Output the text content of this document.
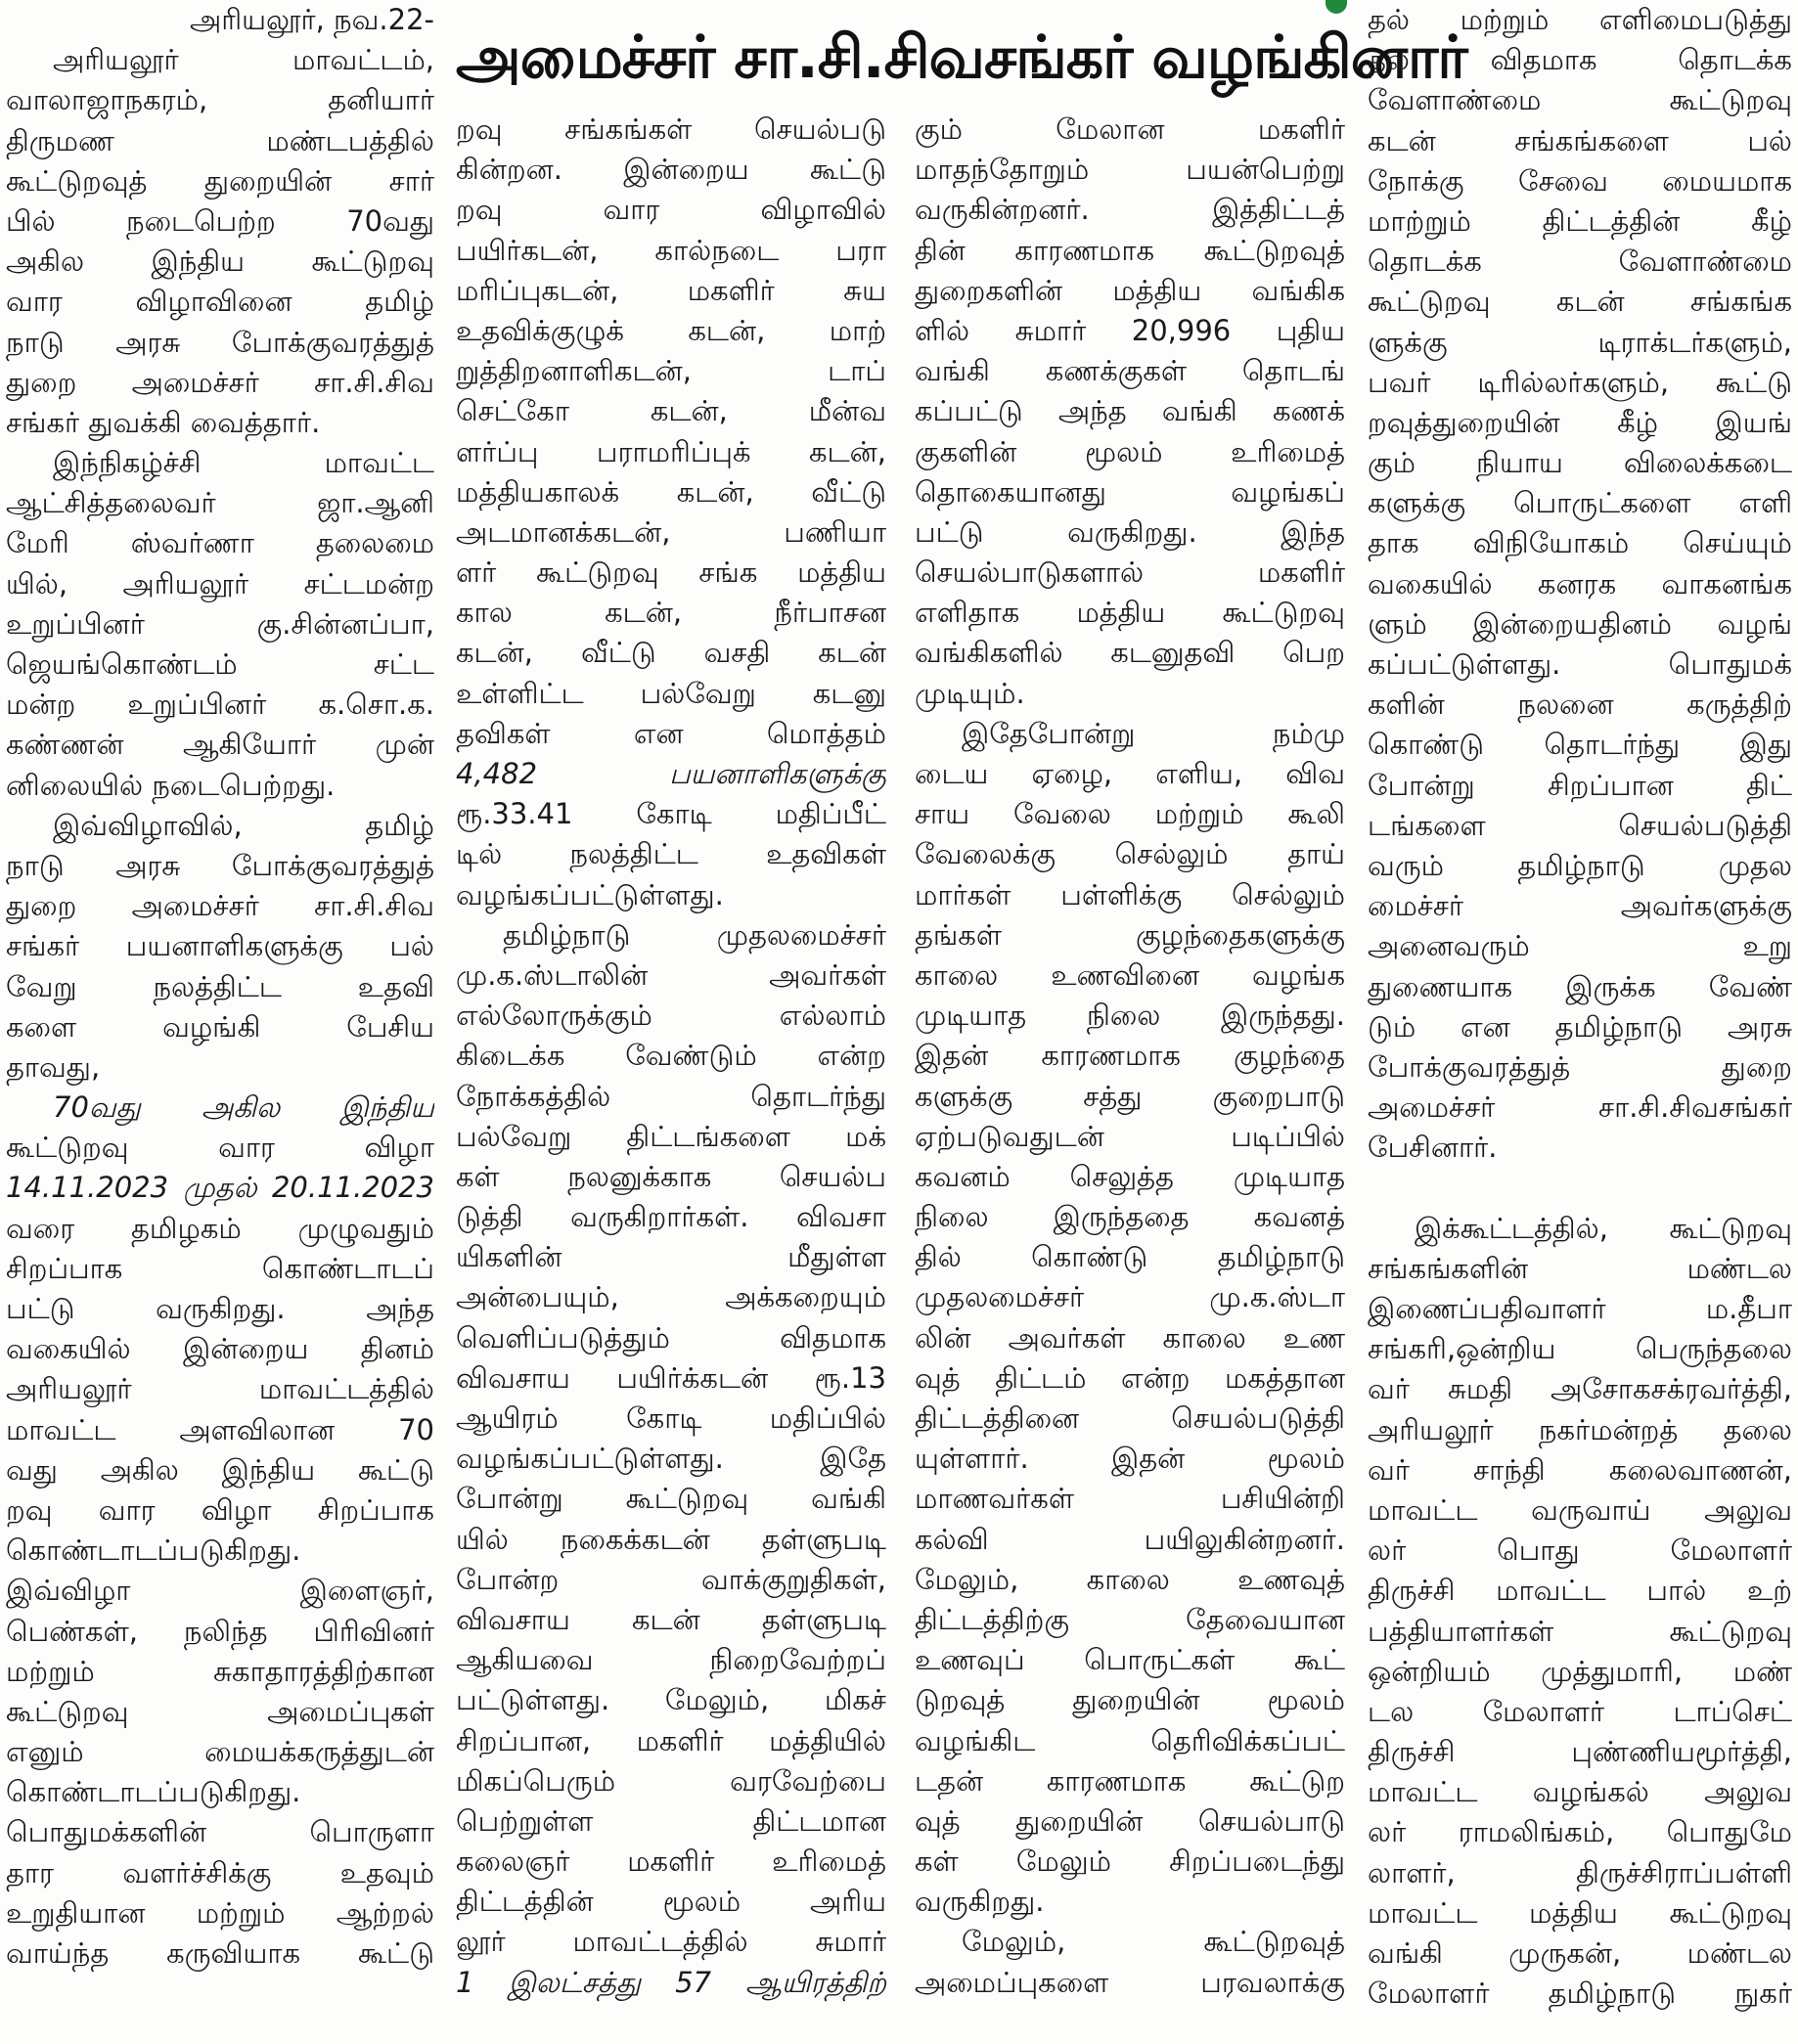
அமைச்சர் சா.சி.சிவசங்கர் வழங்கினார்
அரியலூர், நவ.22-
அரியலூர் மாவட்டம்,
வாலாஜாநகரம், தனியார்
திருமண மண்டபத்தில்
கூட்டுறவுத் துறையின் சார்
பில் நடைபெற்ற 70வது
அகில இந்திய கூட்டுறவு
வார விழாவினை தமிழ்
நாடு அரசு போக்குவரத்துத்
துறை அமைச்சர் சா.சி.சிவ
சங்கர் துவக்கி வைத்தார்.
இந்நிகழ்ச்சி மாவட்ட
ஆட்சித்தலைவர் ஜா.ஆனி
மேரி ஸ்வர்ணா தலைமை
யில், அரியலூர் சட்டமன்ற
உறுப்பினர் கு.சின்னப்பா,
ஜெயங்கொண்டம் சட்ட
மன்ற உறுப்பினர் க.சொ.க.
கண்ணன் ஆகியோர் முன்
னிலையில் நடைபெற்றது.
இவ்விழாவில், தமிழ்
நாடு அரசு போக்குவரத்துத்
துறை அமைச்சர் சா.சி.சிவ
சங்கர் பயனாளிகளுக்கு பல்
வேறு நலத்திட்ட உதவி
களை வழங்கி பேசிய
தாவது,
70வது அகில இந்திய
கூட்டுறவு வார விழா
14.11.2023 முதல் 20.11.2023
வரை தமிழகம் முழுவதும்
சிறப்பாக கொண்டாடப்
பட்டு வருகிறது. அந்த
வகையில் இன்றைய தினம்
அரியலூர் மாவட்டத்தில்
மாவட்ட அளவிலான 70
வது அகில இந்திய கூட்டு
றவு வார விழா சிறப்பாக
கொண்டாடப்படுகிறது.
இவ்விழா இளைஞர்,
பெண்கள், நலிந்த பிரிவினர்
மற்றும் சுகாதாரத்திற்கான
கூட்டுறவு அமைப்புகள்
எனும் மையக்கருத்துடன்
கொண்டாடப்படுகிறது.
பொதுமக்களின் பொருளா
தார வளர்ச்சிக்கு உதவும்
உறுதியான மற்றும் ஆற்றல்
வாய்ந்த கருவியாக கூட்டு
றவு சங்கங்கள் செயல்படு
கின்றன. இன்றைய கூட்டு
றவு வார விழாவில்
பயிர்கடன், கால்நடை பரா
மரிப்புகடன், மகளிர் சுய
உதவிக்குழுக் கடன், மாற்
றுத்திறனாளிகடன், டாப்
செட்கோ கடன், மீன்வ
ளர்ப்பு பராமரிப்புக் கடன்,
மத்தியகாலக் கடன், வீட்டு
அடமானக்கடன், பணியா
ளர் கூட்டுறவு சங்க மத்திய
கால கடன், நீர்பாசன
கடன், வீட்டு வசதி கடன்
உள்ளிட்ட பல்வேறு கடனு
தவிகள் என மொத்தம்
4,482 பயனாளிகளுக்கு
ரூ.33.41 கோடி மதிப்பீட்
டில் நலத்திட்ட உதவிகள்
வழங்கப்பட்டுள்ளது.
தமிழ்நாடு முதலமைச்சர்
மு.க.ஸ்டாலின் அவர்கள்
எல்லோருக்கும் எல்லாம்
கிடைக்க வேண்டும் என்ற
நோக்கத்தில் தொடர்ந்து
பல்வேறு திட்டங்களை மக்
கள் நலனுக்காக செயல்ப
டுத்தி வருகிறார்கள். விவசா
யிகளின் மீதுள்ள
அன்பையும், அக்கறையும்
வெளிப்படுத்தும் விதமாக
விவசாய பயிர்க்கடன் ரூ.13
ஆயிரம் கோடி மதிப்பில்
வழங்கப்பட்டுள்ளது. இதே
போன்று கூட்டுறவு வங்கி
யில் நகைக்கடன் தள்ளுபடி
போன்ற வாக்குறுதிகள்,
விவசாய கடன் தள்ளுபடி
ஆகியவை நிறைவேற்றப்
பட்டுள்ளது. மேலும், மிகச்
சிறப்பான, மகளிர் மத்தியில்
மிகப்பெரும் வரவேற்பை
பெற்றுள்ள திட்டமான
கலைஞர் மகளிர் உரிமைத்
திட்டத்தின் மூலம் அரிய
லூர் மாவட்டத்தில் சுமார்
1 இலட்சத்து 57 ஆயிரத்திற்
கும் மேலான மகளிர்
மாதந்தோறும் பயன்பெற்று
வருகின்றனர். இத்திட்டத்
தின் காரணமாக கூட்டுறவுத்
துறைகளின் மத்திய வங்கிக
ளில் சுமார் 20,996 புதிய
வங்கி கணக்குகள் தொடங்
கப்பட்டு அந்த வங்கி கணக்
குகளின் மூலம் உரிமைத்
தொகையானது வழங்கப்
பட்டு வருகிறது. இந்த
செயல்பாடுகளால் மகளிர்
எளிதாக மத்திய கூட்டுறவு
வங்கிகளில் கடனுதவி பெற
முடியும்.
இதேபோன்று நம்மு
டைய ஏழை, எளிய, விவ
சாய வேலை மற்றும் கூலி
வேலைக்கு செல்லும் தாய்
மார்கள் பள்ளிக்கு செல்லும்
தங்கள் குழந்தைகளுக்கு
காலை உணவினை வழங்க
முடியாத நிலை இருந்தது.
இதன் காரணமாக குழந்தை
களுக்கு சத்து குறைபாடு
ஏற்படுவதுடன் படிப்பில்
கவனம் செலுத்த முடியாத
நிலை இருந்ததை கவனத்
தில் கொண்டு தமிழ்நாடு
முதலமைச்சர் மு.க.ஸ்டா
லின் அவர்கள் காலை உண
வுத் திட்டம் என்ற மகத்தான
திட்டத்தினை செயல்படுத்தி
யுள்ளார். இதன் மூலம்
மாணவர்கள் பசியின்றி
கல்வி பயிலுகின்றனர்.
மேலும், காலை உணவுத்
திட்டத்திற்கு தேவையான
உணவுப் பொருட்கள் கூட்
டுறவுத் துறையின் மூலம்
வழங்கிட தெரிவிக்கப்பட்
டதன் காரணமாக கூட்டுற
வுத் துறையின் செயல்பாடு
கள் மேலும் சிறப்படைந்து
வருகிறது.
மேலும், கூட்டுறவுத்
அமைப்புகளை பரவலாக்கு
தல் மற்றும் எளிமைபடுத்து
தல் விதமாக தொடக்க
வேளாண்மை கூட்டுறவு
கடன் சங்கங்களை பல்
நோக்கு சேவை மையமாக
மாற்றும் திட்டத்தின் கீழ்
தொடக்க வேளாண்மை
கூட்டுறவு கடன் சங்கங்க
ளுக்கு டிராக்டர்களும்,
பவர் டிரில்லர்களும், கூட்டு
றவுத்துறையின் கீழ் இயங்
கும் நியாய விலைக்கடை
களுக்கு பொருட்களை எளி
தாக விநியோகம் செய்யும்
வகையில் கனரக வாகனங்க
ளும் இன்றையதினம் வழங்
கப்பட்டுள்ளது. பொதுமக்
களின் நலனை கருத்திற்
கொண்டு தொடர்ந்து இது
போன்று சிறப்பான திட்
டங்களை செயல்படுத்தி
வரும் தமிழ்நாடு முதல
மைச்சர் அவர்களுக்கு
அனைவரும் உறு
துணையாக இருக்க வேண்
டும் என தமிழ்நாடு அரசு
போக்குவரத்துத் துறை
அமைச்சர் சா.சி.சிவசங்கர்
பேசினார்.
இக்கூட்டத்தில், கூட்டுறவு
சங்கங்களின் மண்டல
இணைப்பதிவாளர் ம.தீபா
சங்கரி,ஒன்றிய பெருந்தலை
வர் சுமதி அசோகசக்ரவர்த்தி,
அரியலூர் நகர்மன்றத் தலை
வர் சாந்தி கலைவாணன்,
மாவட்ட வருவாய் அலுவ
லர் பொது மேலாளர்
திருச்சி மாவட்ட பால் உற்
பத்தியாளர்கள் கூட்டுறவு
ஒன்றியம் முத்துமாரி, மண்
டல மேலாளர் டாப்செட்
திருச்சி புண்ணியமூர்த்தி,
மாவட்ட வழங்கல் அலுவ
லர் ராமலிங்கம், பொதுமே
லாளர், திருச்சிராப்பள்ளி
மாவட்ட மத்திய கூட்டுறவு
வங்கி முருகன், மண்டல
மேலாளர் தமிழ்நாடு நுகர்
